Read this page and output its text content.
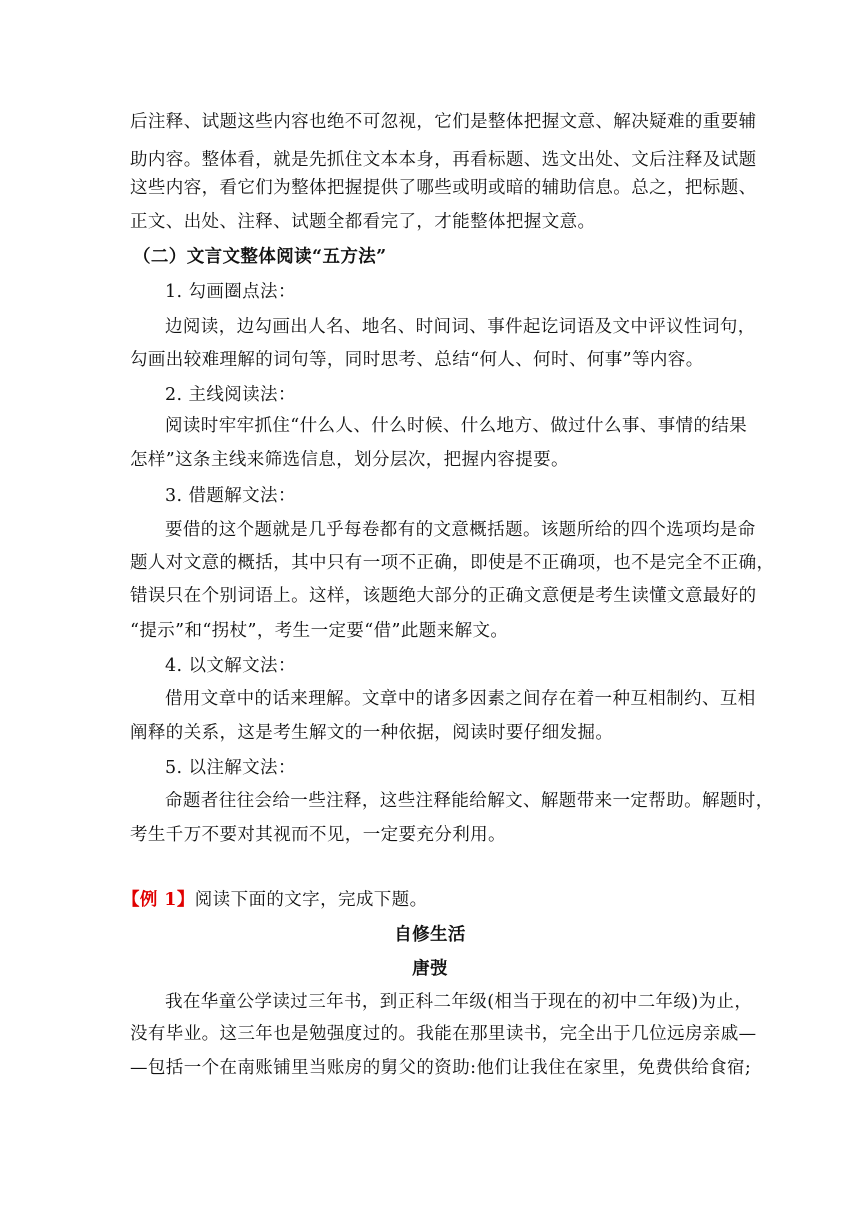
后注释、试题这些内容也绝不可忽视，它们是整体把握文意、解决疑难的重要辅
助内容。整体看，就是先抓住文本本身，再看标题、选文出处、文后注释及试题
这些内容，看它们为整体把握提供了哪些或明或暗的辅助信息。总之，把标题、
正文、出处、注释、试题全都看完了，才能整体把握文意。
（二）文言文整体阅读“五方法”
1. 勾画圈点法：
边阅读，边勾画出人名、地名、时间词、事件起讫词语及文中评议性词句，
勾画出较难理解的词句等，同时思考、总结“何人、何时、何事”等内容。
2. 主线阅读法：
阅读时牢牢抓住“什么人、什么时候、什么地方、做过什么事、事情的结果
怎样”这条主线来筛选信息，划分层次，把握内容提要。
3. 借题解文法：
要借的这个题就是几乎每卷都有的文意概括题。该题所给的四个选项均是命
题人对文意的概括，其中只有一项不正确，即使是不正确项，也不是完全不正确，
错误只在个别词语上。这样，该题绝大部分的正确文意便是考生读懂文意最好的
“提示”和“拐杖”，考生一定要“借”此题来解文。
4. 以文解文法：
借用文章中的话来理解。文章中的诸多因素之间存在着一种互相制约、互相
阐释的关系，这是考生解文的一种依据，阅读时要仔细发掘。
5. 以注解文法：
命题者往往会给一些注释，这些注释能给解文、解题带来一定帮助。解题时，
考生千万不要对其视而不见，一定要充分利用。
【例 1】阅读下面的文字，完成下题。
自修生活
唐弢
我在华童公学读过三年书，到正科二年级(相当于现在的初中二年级)为止，
没有毕业。这三年也是勉强度过的。我能在那里读书，完全出于几位远房亲戚—
—包括一个在南账铺里当账房的舅父的资助:他们让我住在家里，免费供给食宿;
